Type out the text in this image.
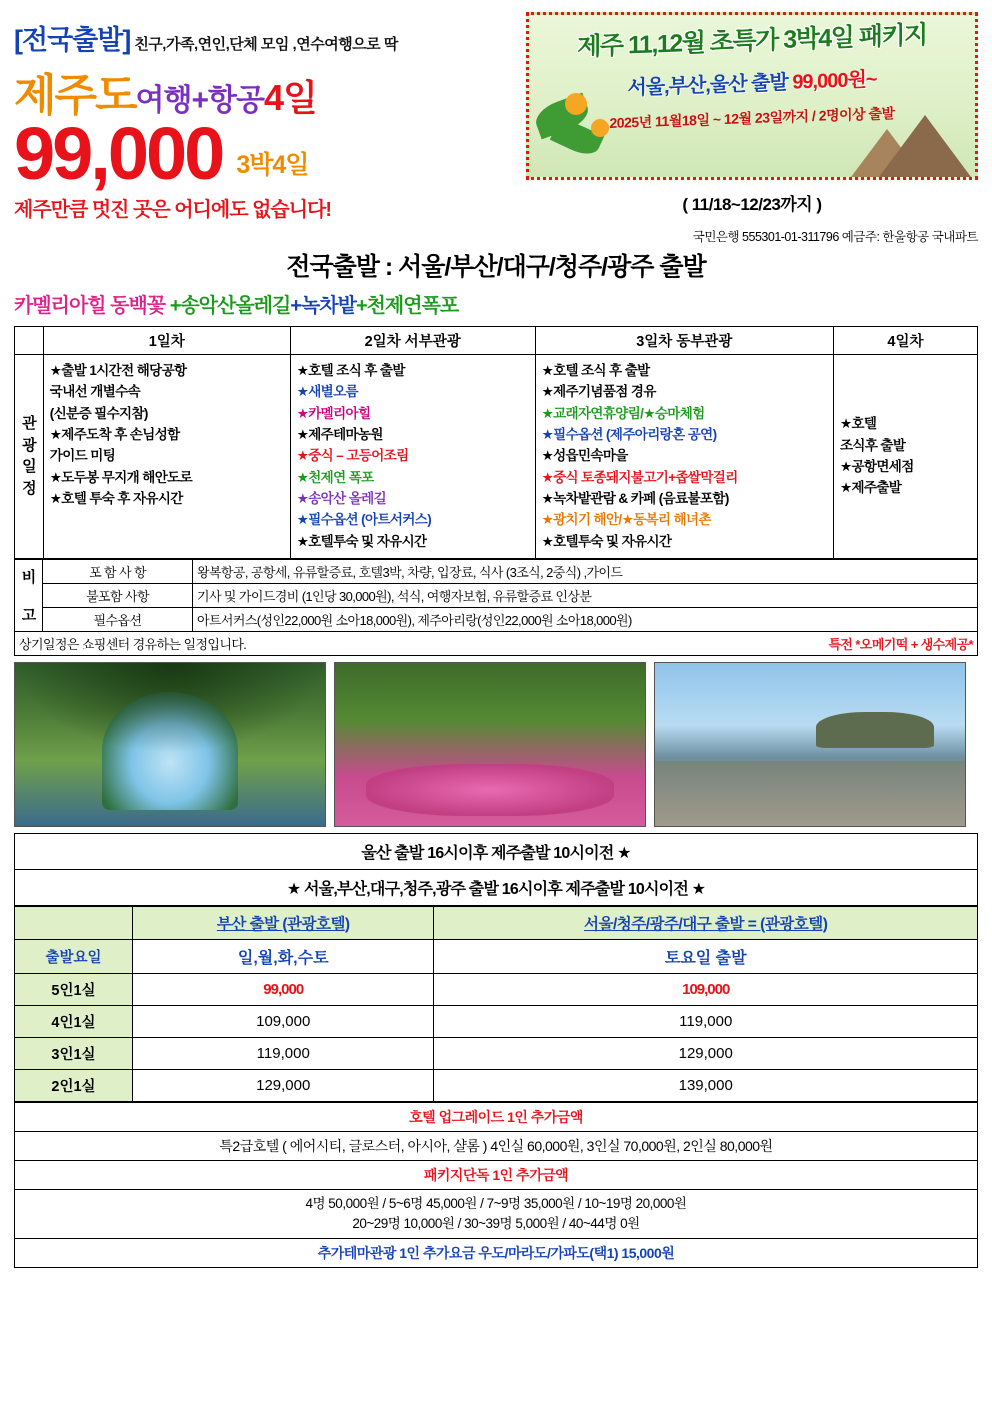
[전국출발] 친구,가족,연인,단체 모임 ,연수여행으로 딱
제주도 여행+항공 4일
99,000 3박4일
제주만큼 멋진 곳은 어디에도 없습니다!
제주 11,12월 초특가 3박4일 패키지
서울,부산,울산 출발 99,000원~
2025년 11월18일 ~ 12월 23일까지 / 2명이상 출발
( 11/18~12/23까지 )
국민은행 555301-01-311796 예금주: 한울항공 국내파트
전국출발 : 서울/부산/대구/청주/광주 출발
카멜리아힐 동백꽃 +송악산올레길+녹차밭+천제연폭포
	1일차	2일차 서부관광	3일차 동부관광	4일차
관
광
일
정	
★출발 1시간전 해당공항
국내선 개별수속
(신분증 필수지참)
★제주도착 후 손님성함
가이드 미팅
★도두봉 무지개 해안도로
★호텔 투숙 후 자유시간

★호텔 조식 후 출발
★새별오름
★카멜리아힐
★제주테마농원
★중식 – 고등어조림
★천제연 폭포
★송악산 올레길
★필수옵션 (아트서커스)
★호텔투숙 및 자유시간

★호텔 조식 후 출발
★제주기념품점 경유
★교래자연휴양림/★승마체험
★필수옵션 (제주아리랑혼 공연)
★성읍민속마을
★중식 토종돼지불고기+좁쌀막걸리
★녹차밭관람 & 카페 (음료불포함)
★광치기 해안/★동복리 해녀촌
★호텔투숙 및 자유시간

★호텔
조식후 출발
★공항면세점
★제주출발
비

고	포 함 사 항	왕복항공, 공항세, 유류할증료, 호텔3박, 차량, 입장료, 식사 (3조식, 2중식) ,가이드
	불포함 사항	기사 및 가이드경비 (1인당 30,000원), 석식, 여행자보험, 유류할증료 인상분
	필수옵션	아트서커스(성인22,000원 소아18,000원), 제주아리랑(성인22,000원 소아18,000원)
상기일정은 쇼핑센터 경유하는 일정입니다. 특전 *오메기떡 + 생수제공*		
울산 출발 16시이후 제주출발 10시이전 ★
★ 서울,부산,대구,청주,광주 출발 16시이후 제주출발 10시이전 ★
	부산 출발 (관광호텔)	서울/청주/광주/대구 출발 = (관광호텔)
출발요일	일,월,화,수토	토요일 출발
5인1실	99,000	109,000
4인1실	109,000	119,000
3인1실	119,000	129,000
2인1실	129,000	139,000
호텔 업그레이드 1인 추가금액
특2급호텔 ( 에어시티, 글로스터, 아시아, 샬롬 ) 4인실 60,000원, 3인실 70,000원, 2인실 80,000원
패키지단독 1인 추가금액
4명 50,000원 / 5~6명 45,000원 / 7~9명 35,000원 / 10~19명 20,000원
20~29명 10,000원 / 30~39명 5,000원 / 40~44명 0원
추가테마관광 1인 추가요금 우도/마라도/가파도(택1) 15,000원
